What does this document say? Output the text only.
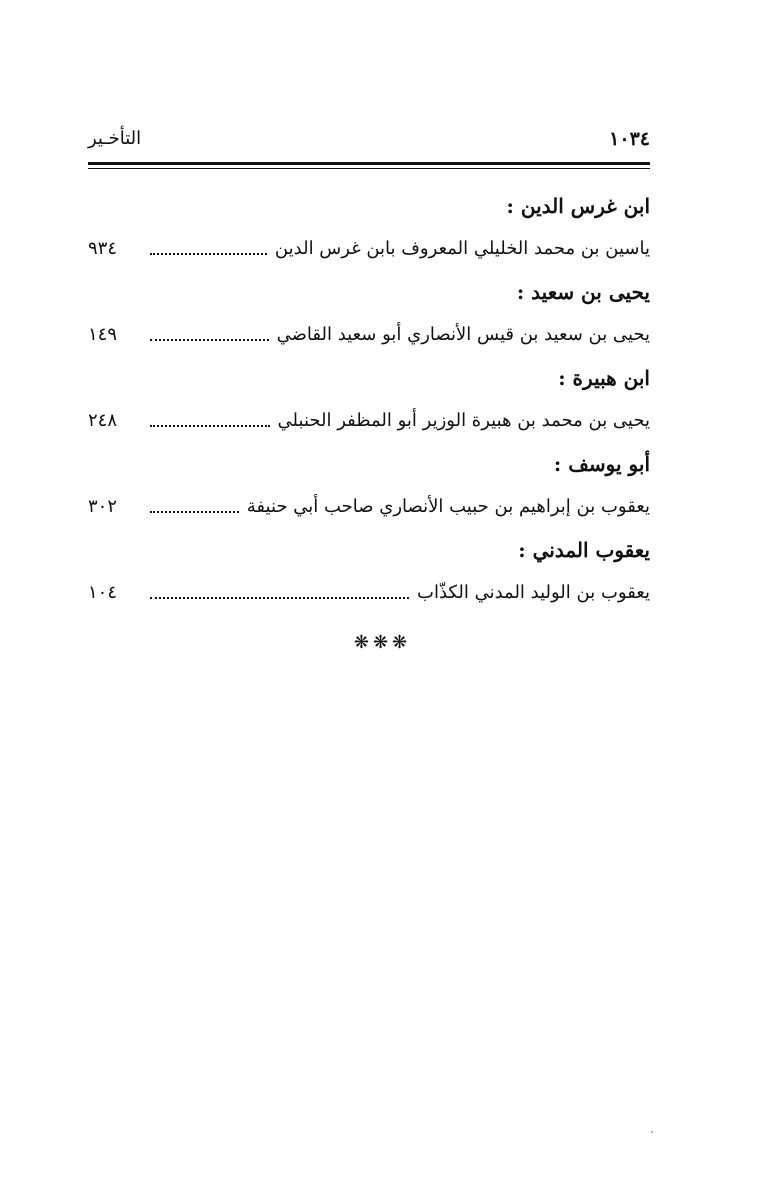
١٠٣٤
التأخـير
ابن غرس الدين :
ياسين بن محمد الخليلي المعروف بابن غرس الدين
٩٣٤
يحيى بن سعيد :
يحيى بن سعيد بن قيس الأنصاري أبو سعيد القاضي
١٤٩
ابن هبيرة :
يحيى بن محمد بن هبيرة الوزير أبو المظفر الحنبلي
٢٤٨
أبو يوسف :
يعقوب بن إبراهيم بن حبيب الأنصاري صاحب أبي حنيفة
٣٠٢
يعقوب المدني :
يعقوب بن الوليد المدني الكذّاب
١٠٤
❋❋❋
